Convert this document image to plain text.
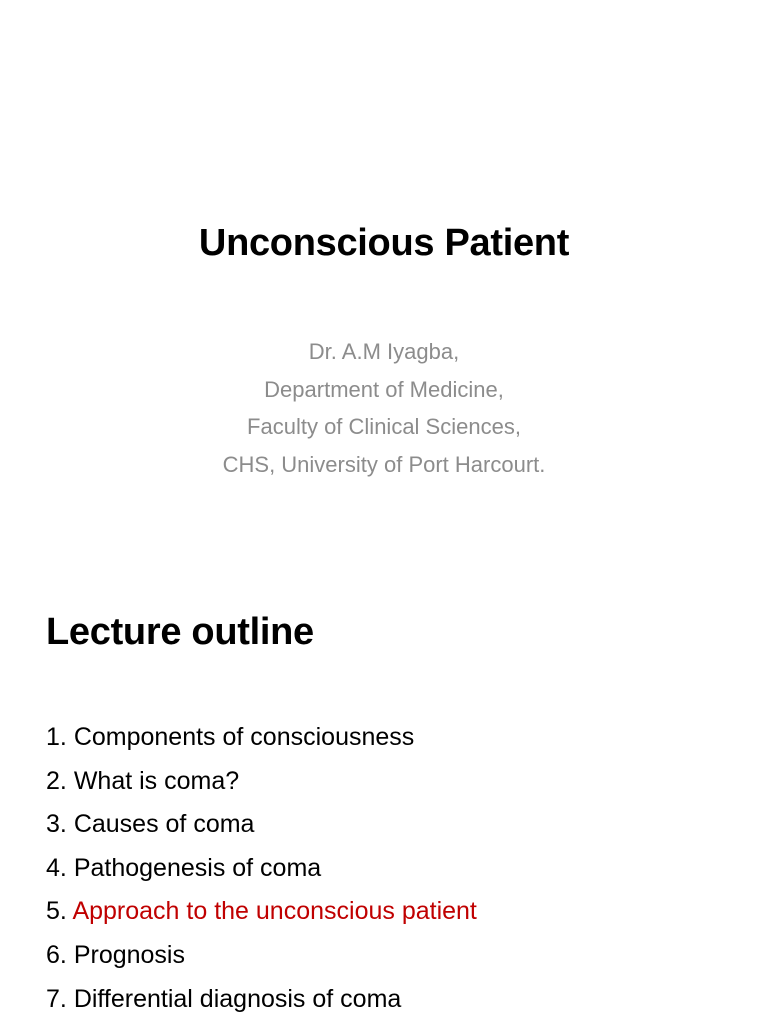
Unconscious Patient
Dr. A.M Iyagba,
Department of Medicine,
Faculty of Clinical Sciences,
CHS, University of Port Harcourt.
Lecture outline
1. Components of consciousness
2. What is coma?
3. Causes of coma
4. Pathogenesis of coma
5. Approach to the unconscious patient
6. Prognosis
7. Differential diagnosis of coma
